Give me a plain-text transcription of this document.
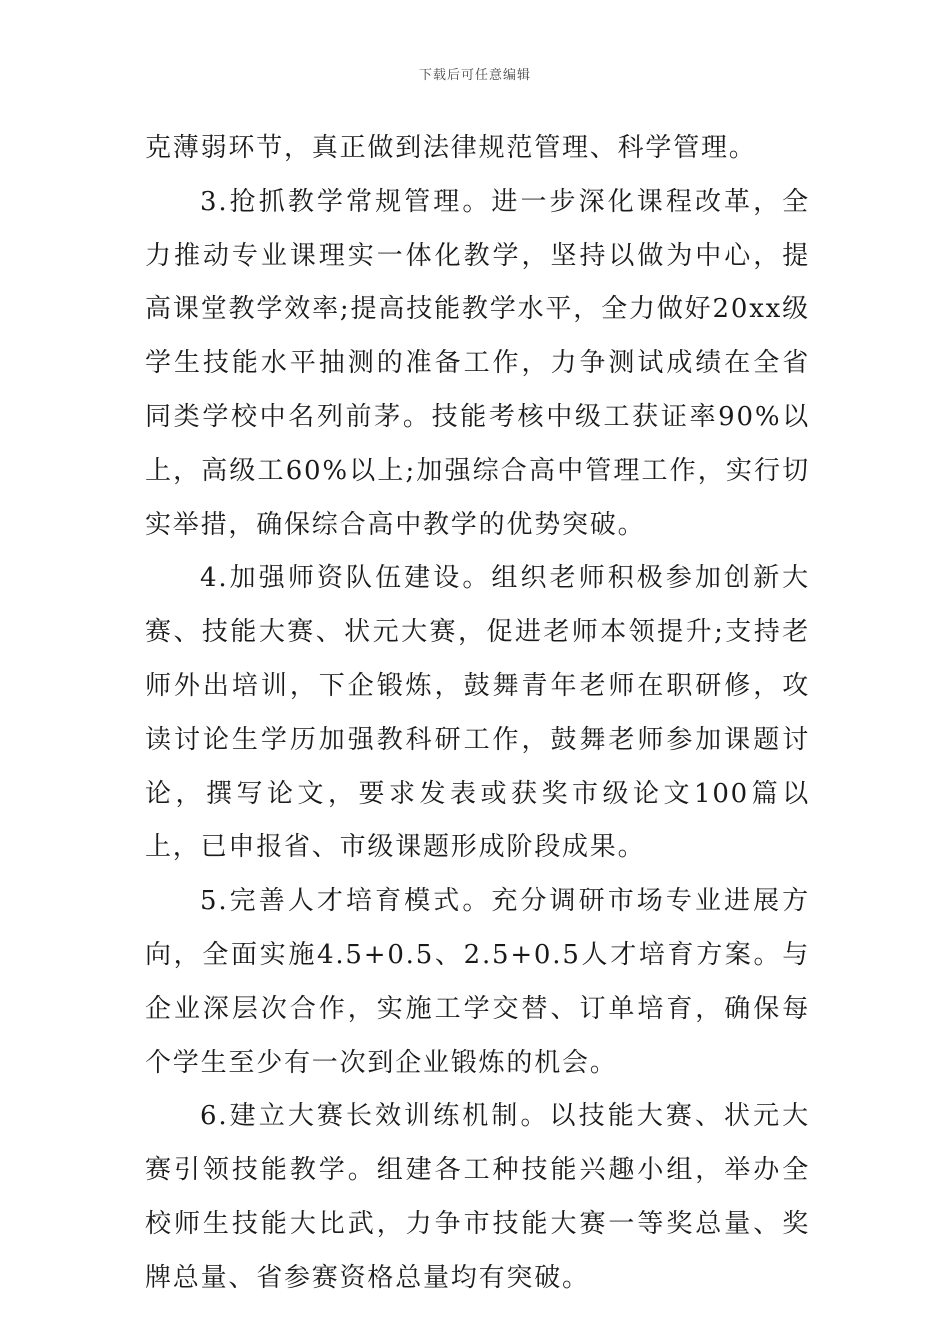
下载后可任意编辑

克薄弱环节，真正做到法律规范管理、科学管理。

3.抢抓教学常规管理。进一步深化课程改革，全力推动专业课理实一体化教学，坚持以做为中心，提高课堂教学效率;提高技能教学水平，全力做好20xx级学生技能水平抽测的准备工作，力争测试成绩在全省同类学校中名列前茅。技能考核中级工获证率90%以上，高级工60%以上;加强综合高中管理工作，实行切实举措，确保综合高中教学的优势突破。

4.加强师资队伍建设。组织老师积极参加创新大赛、技能大赛、状元大赛，促进老师本领提升;支持老师外出培训，下企锻炼，鼓舞青年老师在职研修，攻读讨论生学历加强教科研工作，鼓舞老师参加课题讨论，撰写论文，要求发表或获奖市级论文100篇以上，已申报省、市级课题形成阶段成果。

5.完善人才培育模式。充分调研市场专业进展方向，全面实施4.5+0.5、2.5+0.5人才培育方案。与企业深层次合作，实施工学交替、订单培育，确保每个学生至少有一次到企业锻炼的机会。

6.建立大赛长效训练机制。以技能大赛、状元大赛引领技能教学。组建各工种技能兴趣小组，举办全校师生技能大比武，力争市技能大赛一等奖总量、奖牌总量、省参赛资格总量均有突破。
